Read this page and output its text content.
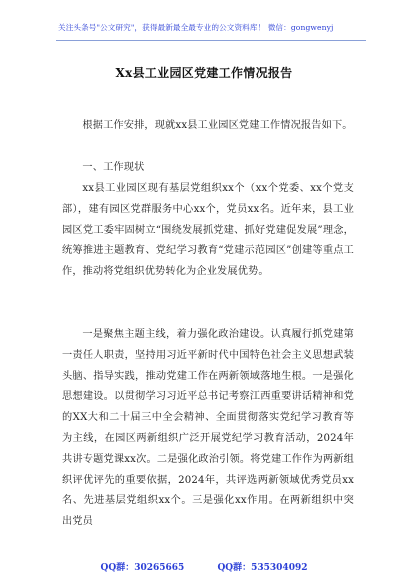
关注头条号"公文研究"，获得最新最全最专业的公文资料库！ 微信：gongwenyj
Xx县工业园区党建工作情况报告
根据工作安排，现就xx县工业园区党建工作情况报告如下。
一、工作现状
xx县工业园区现有基层党组织xx个（xx个党委、xx个党支部），建有园区党群服务中心xx个，党员xx名。近年来，县工业园区党工委牢固树立“围绕发展抓党建、抓好党建促发展”理念，统筹推进主题教育、党纪学习教育“党建示范园区”创建等重点工作，推动将党组织优势转化为企业发展优势。
一是聚焦主题主线，着力强化政治建设。认真履行抓党建第一责任人职责，坚持用习近平新时代中国特色社会主义思想武装头脑、指导实践，推动党建工作在两新领域落地生根。一是强化思想建设。以贯彻学习习近平总书记考察江西重要讲话精神和党的XX大和二十届三中全会精神、全面贯彻落实党纪学习教育等为主线，在园区两新组织广泛开展党纪学习教育活动，2024年共讲专题党课xx次。二是强化政治引领。将党建工作作为两新组织评优评先的重要依据，2024年，共评选两新领域优秀党员xx名、先进基层党组织xx个。三是强化xx作用。在两新组织中突出党员
QQ群：30265665	QQ群：535304092
